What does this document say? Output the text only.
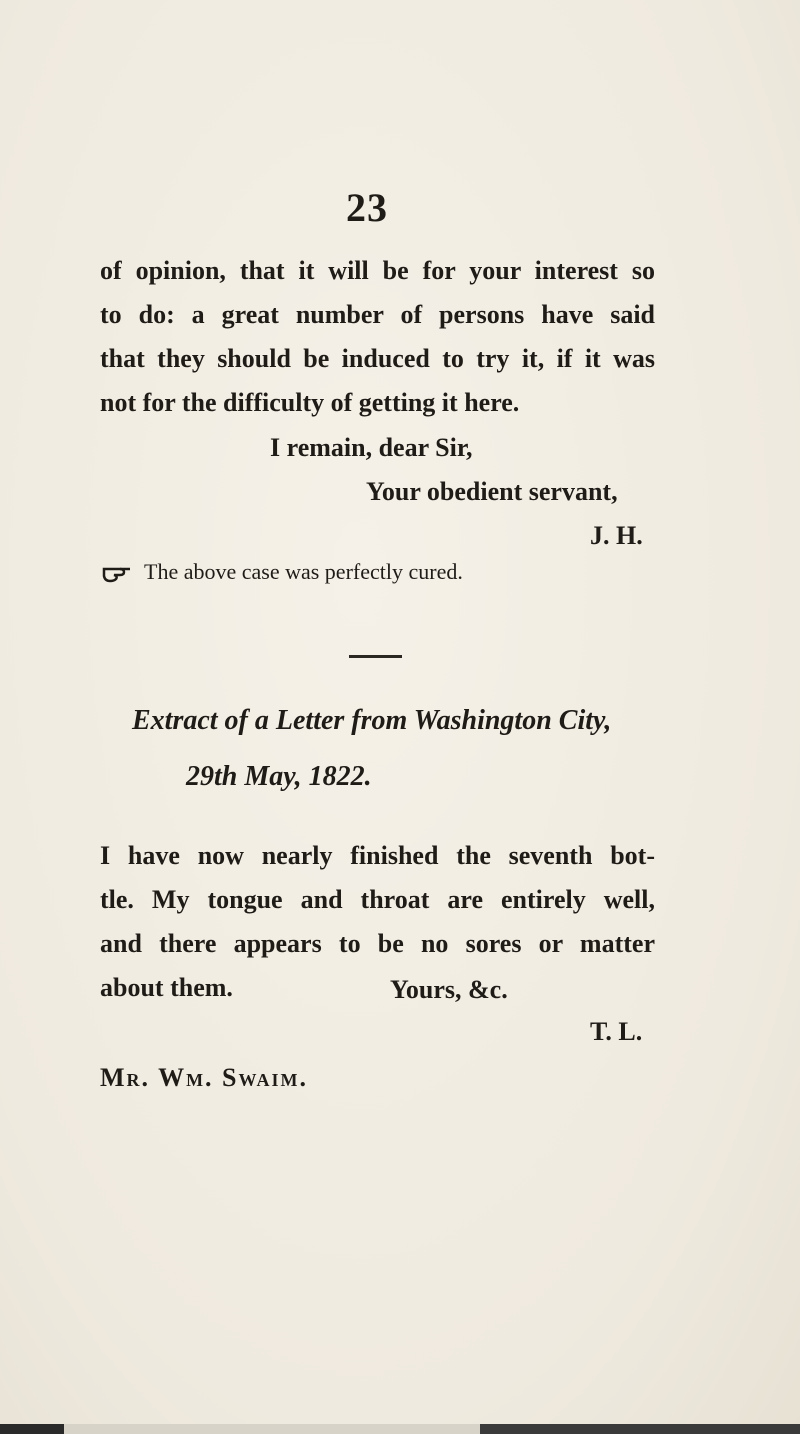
23
of opinion, that it will be for your interest so
to do: a great number of persons have said
that they should be induced to try it, if it was
not for the difficulty of getting it here.
I remain, dear Sir,
Your obedient servant,
J. H.
The above case was perfectly cured.
Extract of a Letter from Washington City,
29th May, 1822.
I have now nearly finished the seventh bot-
tle. My tongue and throat are entirely well,
and there appears to be no sores or matter
about them.	Yours, &c.
T. L.
Mr. Wm. Swaim.
